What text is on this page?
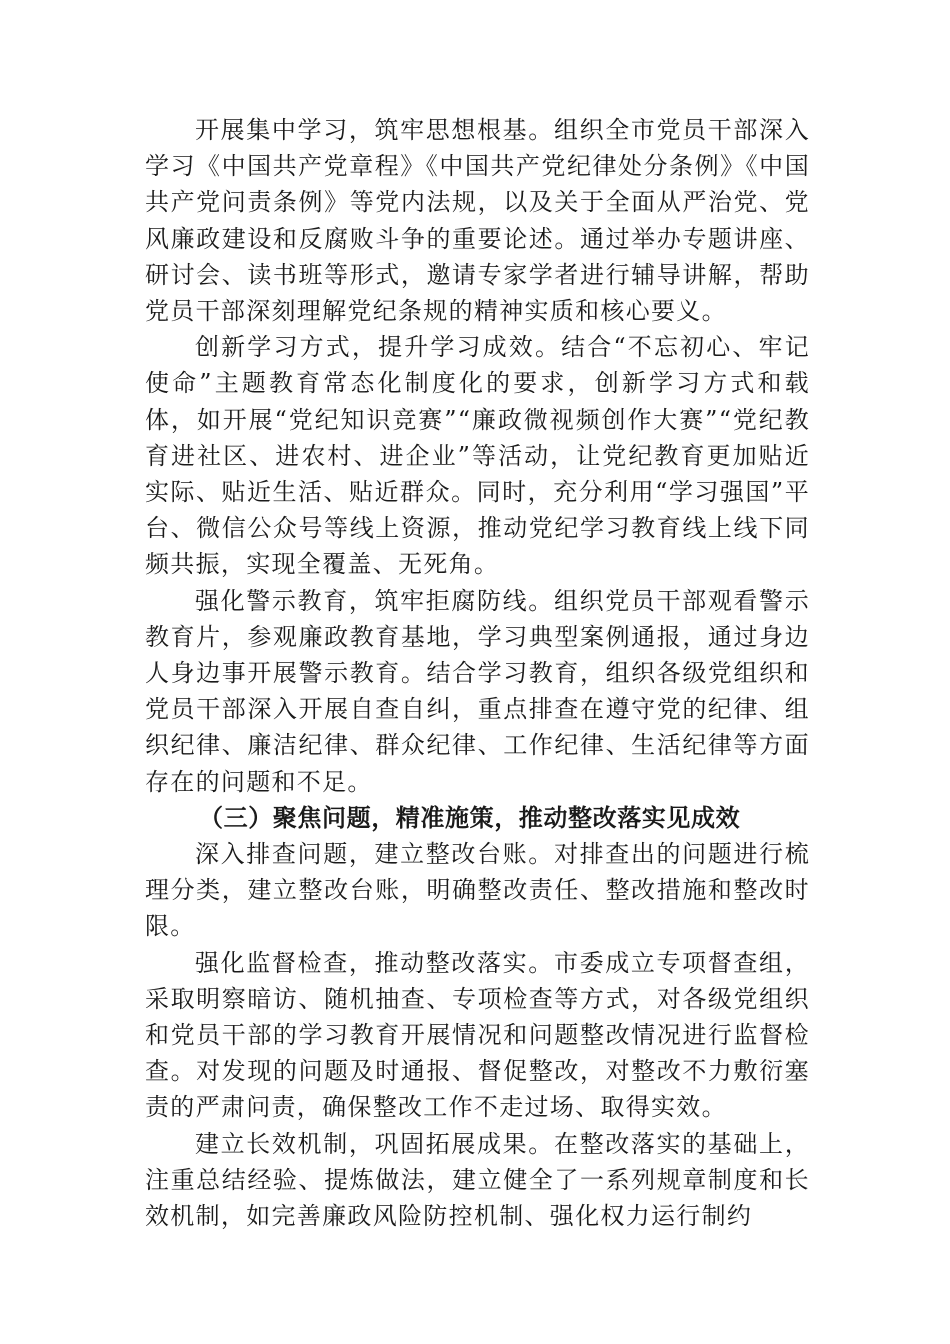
开展集中学习，筑牢思想根基。组织全市党员干部深入学习《中国共产党章程》《中国共产党纪律处分条例》《中国共产党问责条例》等党内法规，以及关于全面从严治党、党风廉政建设和反腐败斗争的重要论述。通过举办专题讲座、研讨会、读书班等形式，邀请专家学者进行辅导讲解，帮助党员干部深刻理解党纪条规的精神实质和核心要义。

创新学习方式，提升学习成效。结合“不忘初心、牢记使命”主题教育常态化制度化的要求，创新学习方式和载体，如开展“党纪知识竞赛”“廉政微视频创作大赛”“党纪教育进社区、进农村、进企业”等活动，让党纪教育更加贴近实际、贴近生活、贴近群众。同时，充分利用“学习强国”平台、微信公众号等线上资源，推动党纪学习教育线上线下同频共振，实现全覆盖、无死角。

强化警示教育，筑牢拒腐防线。组织党员干部观看警示教育片，参观廉政教育基地，学习典型案例通报，通过身边人身边事开展警示教育。结合学习教育，组织各级党组织和党员干部深入开展自查自纠，重点排查在遵守党的纪律、组织纪律、廉洁纪律、群众纪律、工作纪律、生活纪律等方面存在的问题和不足。

（三）聚焦问题，精准施策，推动整改落实见成效

深入排查问题，建立整改台账。对排查出的问题进行梳理分类，建立整改台账，明确整改责任、整改措施和整改时限。

强化监督检查，推动整改落实。市委成立专项督查组，采取明察暗访、随机抽查、专项检查等方式，对各级党组织和党员干部的学习教育开展情况和问题整改情况进行监督检查。对发现的问题及时通报、督促整改，对整改不力敷衍塞责的严肃问责，确保整改工作不走过场、取得实效。

建立长效机制，巩固拓展成果。在整改落实的基础上，注重总结经验、提炼做法，建立健全了一系列规章制度和长效机制，如完善廉政风险防控机制、强化权力运行制约
